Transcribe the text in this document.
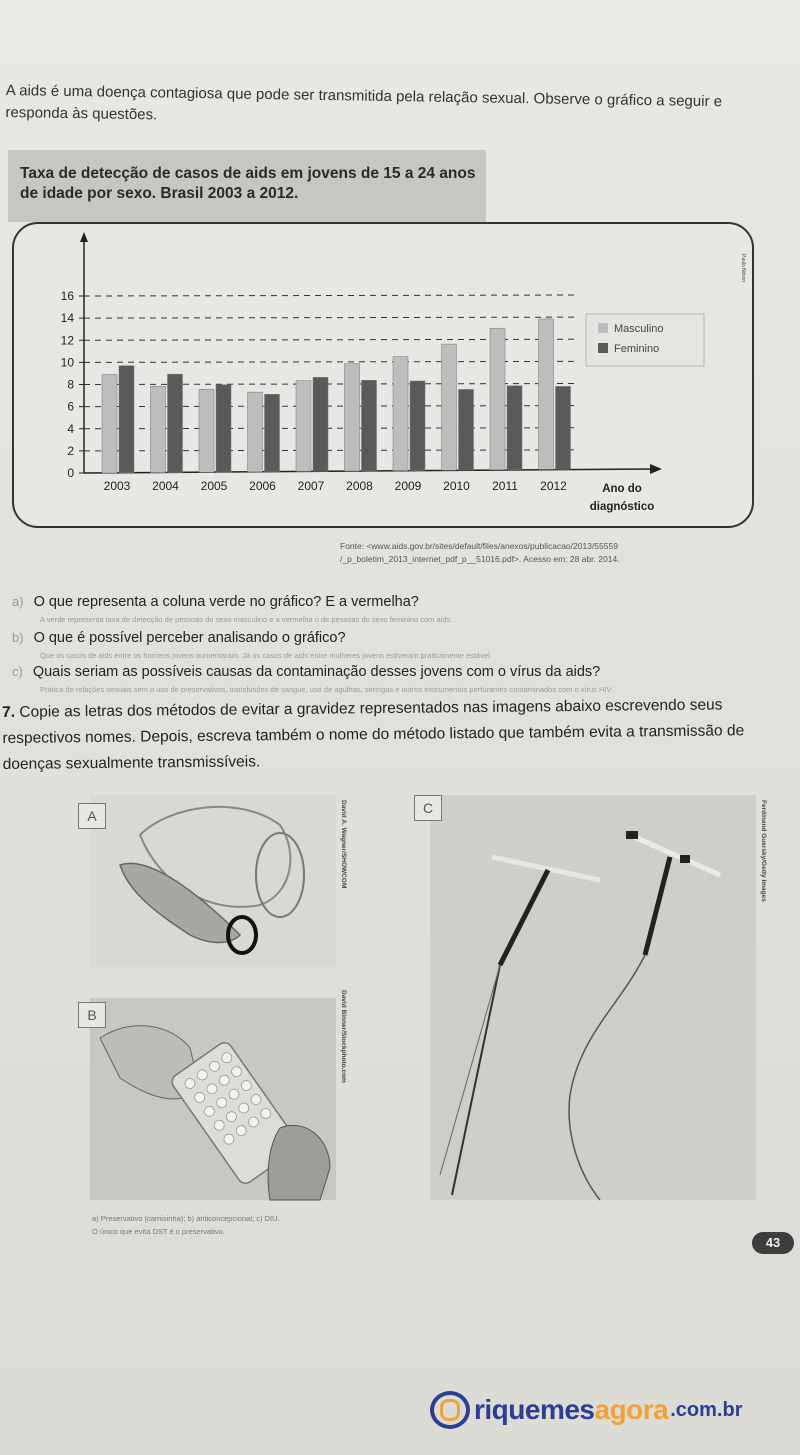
A aids é uma doença contagiosa que pode ser transmitida pela relação sexual. Observe o gráfico a seguir e responda às questões.
Taxa de detecção de casos de aids em jovens de 15 a 24 anos de idade por sexo. Brasil 2003 a 2012.
0
2
4
6
8
10
12
14
16
2003 2004 2005 2006 2007 2008 2009 2010 2011 2012	Ano do
diagnóstico
Masculino
Feminino
Paulo Nilson
Fonte: <www.aids.gov.br/sites/default/files/anexos/publicacao/2013/55559
/_p_boletim_2013_internet_pdf_p__51016.pdf>. Acesso em: 28 abr. 2014.
a) O que representa a coluna verde no gráfico? E a vermelha?
A verde representa taxa de detecção de pessoas do sexo masculino e a vermelha o de pessoas do sexo feminino com aids.
b) O que é possível perceber analisando o gráfico?
Que os casos de aids entre os homens jovens aumentaram. Já os casos de aids entre mulheres jovens estiveram praticamente estável.
c) Quais seriam as possíveis causas da contaminação desses jovens com o vírus da aids?
Prática de relações sexuais sem o uso de preservativos, transfusões de sangue, uso de agulhas, seringas e outros instrumentos perfurantes contaminados com o vírus HIV.
7. Copie as letras dos métodos de evitar a gravidez representados nas imagens abaixo escrevendo seus respectivos nomes. Depois, escreva também o nome do método listado que também evita a transmissão de doenças sexualmente transmissíveis.
A	David A. Wagner/SHOWCOM
B	David Binner/Stockphoto.com
C	Ferdinand Guersky/Getty Images
a) Preservativo (camisinha); b) anticoncepcional; c) DIU.
O único que evita DST é o preservativo.
43
riquemes agora .com.br
